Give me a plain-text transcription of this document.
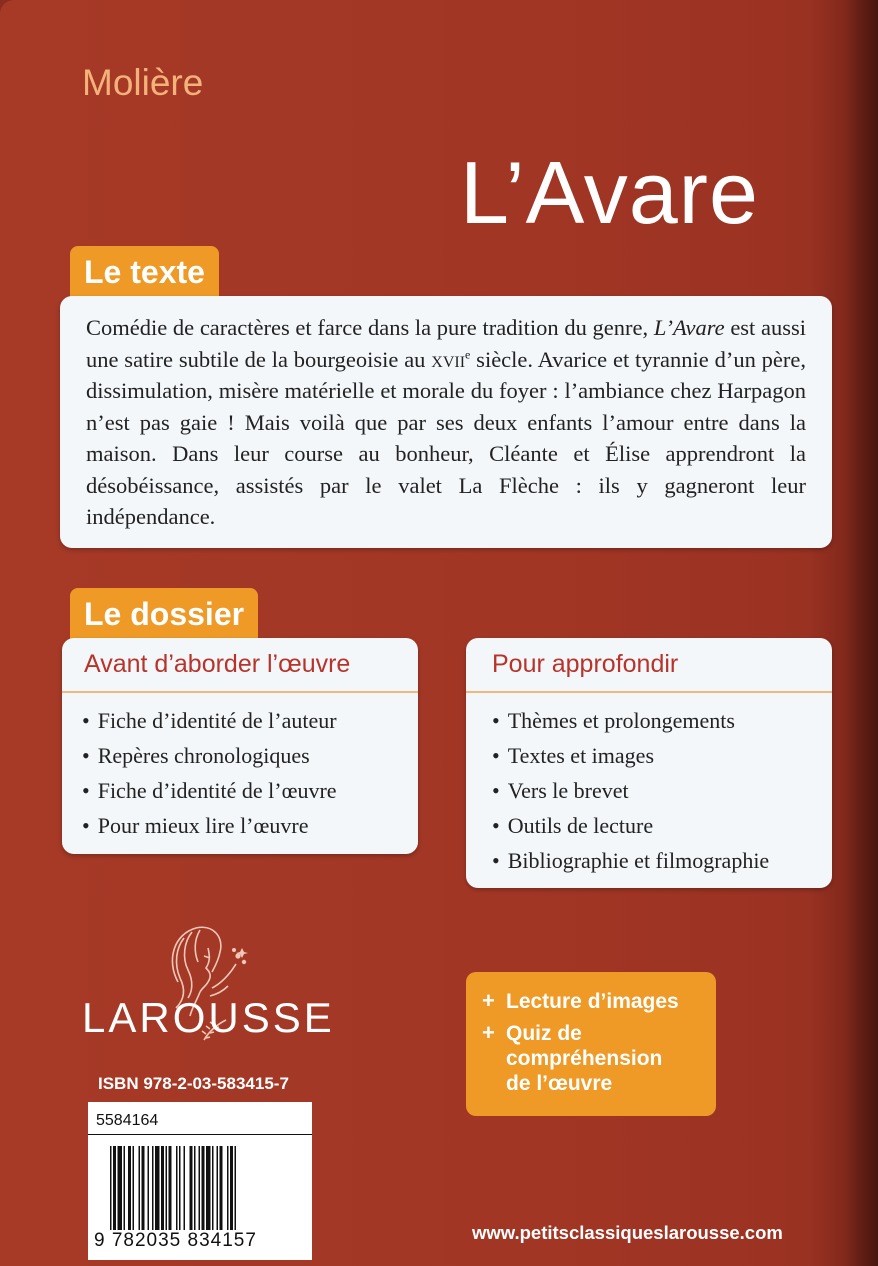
Molière
L’Avare
Le texte

Comédie de caractères et farce dans la pure tradition du genre, L’Avare est aussi une satire subtile de la bourgeoisie au xvii$^e$ siècle. Avarice et tyrannie d’un père, dissimulation, misère matérielle et morale du foyer : l’ambiance chez Harpagon n’est pas gaie ! Mais voilà que par ses deux enfants l’amour entre dans la maison. Dans leur course au bonheur, Cléante et Élise apprendront la désobéissance, assistés par le valet La Flèche : ils y gagneront leur indépendance.

Le dossier
Avant d’aborder l’œuvre
• Fiche d’identité de l’auteur
• Repères chronologiques
• Fiche d’identité de l’œuvre
• Pour mieux lire l’œuvre
Pour approfondir
• Thèmes et prolongements
• Textes et images
• Vers le brevet
• Outils de lecture
• Bibliographie et filmographie
LAROUSSE	+ Lecture d’images
+ Quiz de
compréhension
de l’œuvre
ISBN 978-2-03-583415-7
5584164
9 782035 834157	www.petitsclassiqueslarousse.com
